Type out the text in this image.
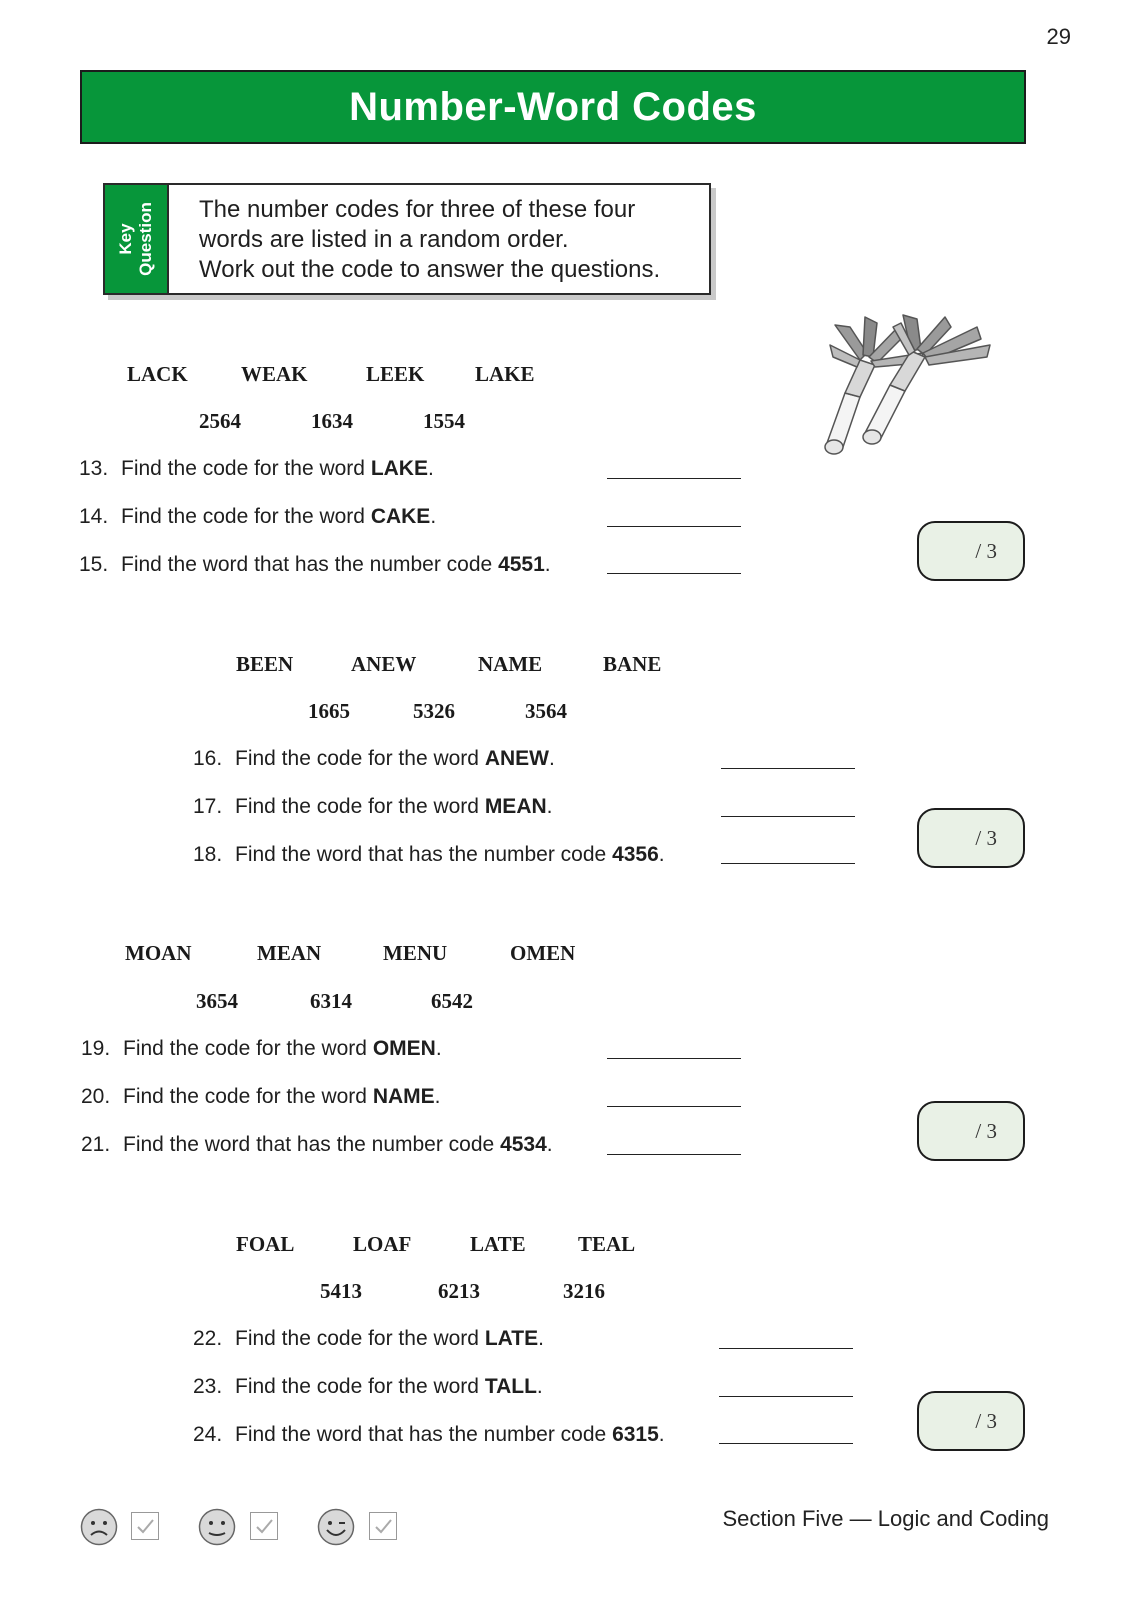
29
Number-Word Codes
Key Question The number codes for three of these four
words are listed in a random order.
Work out the code to answer the questions.
LACK	WEAK	LEEK LAKE
2564	1634	1554
13. Find the code for the word LAKE.
14. Find the code for the word CAKE.
15. Find the word that has the number code 4551.
/ 3
BEEN	ANEW	NAME	BANE
1665	5326	3564
16. Find the code for the word ANEW.
17. Find the code for the word MEAN.
18. Find the word that has the number code 4356.
/ 3
MOAN	MEAN	MENU	OMEN
3654	6314	6542
19. Find the code for the word OMEN.
20. Find the code for the word NAME.
21. Find the word that has the number code 4534.
/ 3
FOAL	LOAF	LATE TEAL
5413	6213	3216
22. Find the code for the word LATE.
23. Find the code for the word TALL.
24. Find the word that has the number code 6315.
/ 3
Section Five — Logic and Coding
